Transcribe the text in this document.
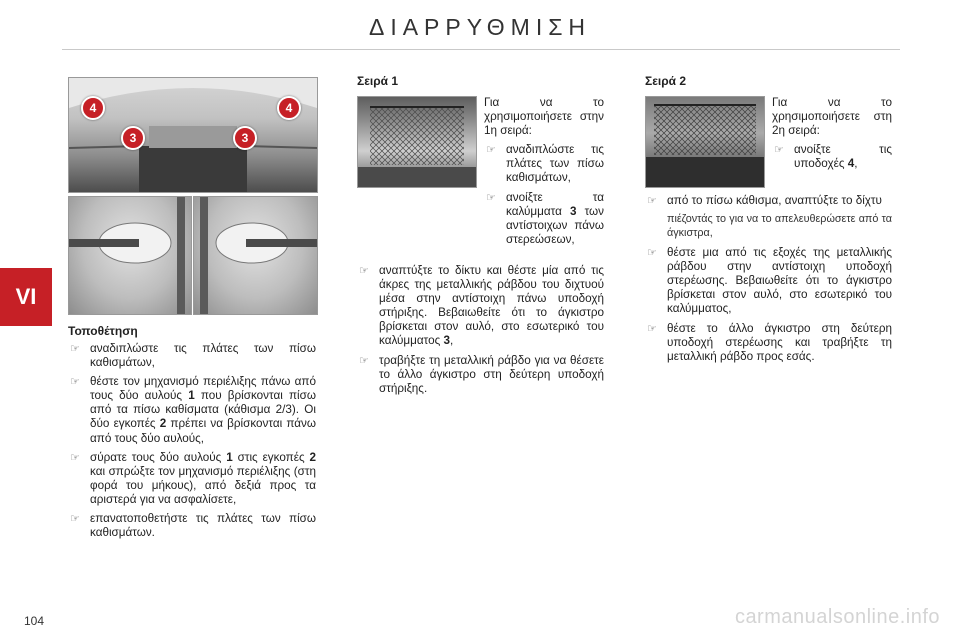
ΔΙΑΡΡΥΘΜΙΣΗ
VI
104	carmanualsonline.info
4	4
3	3
Τοποθέτηση
☞ αναδιπλώστε τις πλάτες των πίσω καθισμάτων,
☞ θέστε τον μηχανισμό περιέλιξης πάνω από τους δύο αυλούς 1 που βρίσκονται πίσω από τα πίσω καθίσματα (κάθισμα 2/3). Οι δύο εγκοπές 2 πρέπει να βρίσκονται πάνω από τους δύο αυλούς,
☞ σύρατε τους δύο αυλούς 1 στις εγκοπές 2 και σπρώξτε τον μηχανισμό περιέλιξης (στη φορά του μήκους), από δεξιά προς τα αριστερά για να ασφαλίσετε,
☞ επανατοποθετήστε τις πλάτες των πίσω καθισμάτων.
Σειρά 1
Για να το χρησιμοποιήσετε στην 1η σειρά:
☞ αναδιπλώστε τις πλάτες των πίσω καθισμάτων,
☞ ανοίξτε τα καλύμματα 3 των αντίστοιχων πάνω στερεώσεων,
☞ αναπτύξτε το δίκτυ και θέστε μία από τις άκρες της μεταλλικής ράβδου του διχτυού μέσα στην αντίστοιχη πάνω υποδοχή στήριξης. Βεβαιωθείτε ότι το άγκιστρο βρίσκεται στον αυλό, στο εσωτερικό του καλύμματος 3,
☞ τραβήξτε τη μεταλλική ράβδο για να θέσετε το άλλο άγκιστρο στη δεύτερη υποδοχή στήριξης.
Σειρά 2
Για να το χρησιμοποιήσετε στη 2η σειρά:
☞ ανοίξτε τις υποδοχές 4,
☞ από το πίσω κάθισμα, αναπτύξτε το δίχτυ
πιέζοντάς το για να το απελευθερώσετε από τα άγκιστρα,
☞ θέστε μια από τις εξοχές της μεταλλικής ράβδου στην αντίστοιχη υποδοχή στερέωσης. Βεβαιωθείτε ότι το άγκιστρο βρίσκεται στον αυλό, στο εσωτερικό του καλύμματος,
☞ θέστε το άλλο άγκιστρο στη δεύτερη υποδοχή στερέωσης και τραβήξτε τη μεταλλική ράβδο προς εσάς.
